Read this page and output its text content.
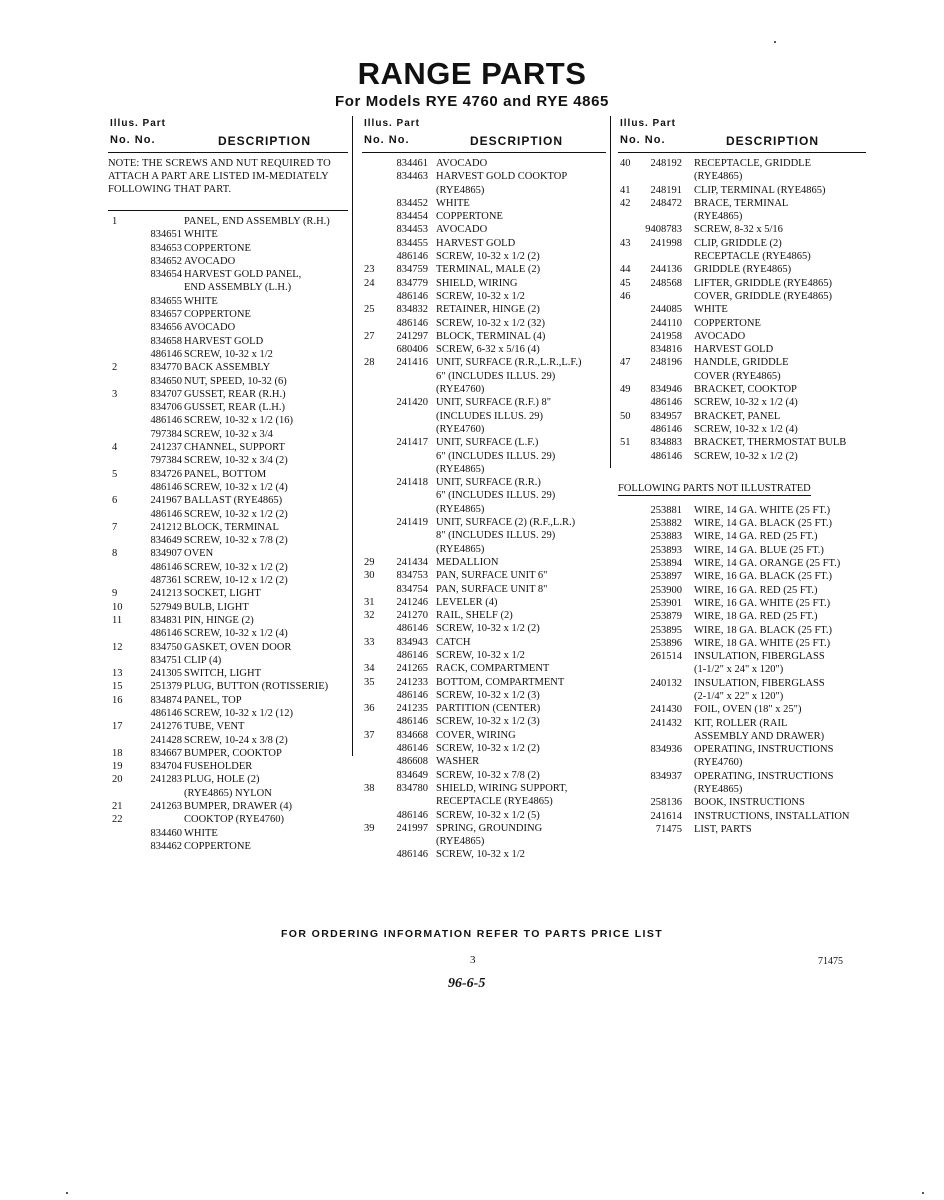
RANGE PARTS
For Models RYE 4760 and RYE 4865
Illus. Part
No. No.	DESCRIPTION
NOTE: THE SCREWS AND NUT REQUIRED TO ATTACH A PART ARE LISTED IM-MEDIATELY FOLLOWING THAT PART.
1	PANEL, END ASSEMBLY (R.H.)
834651 WHITE
834653 COPPERTONE
834652 AVOCADO
834654 HARVEST GOLD PANEL,
END ASSEMBLY (L.H.)
834655 WHITE
834657 COPPERTONE
834656 AVOCADO
834658 HARVEST GOLD
486146 SCREW, 10-32 x 1/2
2	834770 BACK ASSEMBLY
834650 NUT, SPEED, 10-32 (6)
3	834707 GUSSET, REAR (R.H.)
834706 GUSSET, REAR (L.H.)
486146 SCREW, 10-32 x 1/2 (16)
797384 SCREW, 10-32 x 3/4
4	241237 CHANNEL, SUPPORT
797384 SCREW, 10-32 x 3/4 (2)
5	834726 PANEL, BOTTOM
486146 SCREW, 10-32 x 1/2 (4)
6	241967 BALLAST (RYE4865)
486146 SCREW, 10-32 x 1/2 (2)
7	241212 BLOCK, TERMINAL
834649 SCREW, 10-32 x 7/8 (2)
8	834907 OVEN
486146 SCREW, 10-32 x 1/2 (2)
487361 SCREW, 10-12 x 1/2 (2)
9	241213 SOCKET, LIGHT
10	527949 BULB, LIGHT
11	834831 PIN, HINGE (2)
486146 SCREW, 10-32 x 1/2 (4)
12	834750 GASKET, OVEN DOOR
834751 CLIP (4)
13	241305 SWITCH, LIGHT
15	251379 PLUG, BUTTON (ROTISSERIE)
16	834874 PANEL, TOP
486146 SCREW, 10-32 x 1/2 (12)
17	241276 TUBE, VENT
241428 SCREW, 10-24 x 3/8 (2)
18	834667 BUMPER, COOKTOP
19	834704 FUSEHOLDER
20	241283 PLUG, HOLE (2)
(RYE4865) NYLON
21	241263 BUMPER, DRAWER (4)
22	COOKTOP (RYE4760)
834460 WHITE
834462 COPPERTONE
Illus. Part
No. No.	DESCRIPTION
834461 AVOCADO
834463 HARVEST GOLD COOKTOP
(RYE4865)
834452 WHITE
834454 COPPERTONE
834453 AVOCADO
834455 HARVEST GOLD
486146 SCREW, 10-32 x 1/2 (2)
23	834759 TERMINAL, MALE (2)
24	834779 SHIELD, WIRING
486146 SCREW, 10-32 x 1/2
25	834832 RETAINER, HINGE (2)
486146 SCREW, 10-32 x 1/2 (32)
27	241297 BLOCK, TERMINAL (4)
680406 SCREW, 6-32 x 5/16 (4)
28	241416 UNIT, SURFACE (R.R.,L.R.,L.F.)
6" (INCLUDES ILLUS. 29)
(RYE4760)
241420 UNIT, SURFACE (R.F.) 8"
(INCLUDES ILLUS. 29)
(RYE4760)
241417 UNIT, SURFACE (L.F.)
6" (INCLUDES ILLUS. 29)
(RYE4865)
241418 UNIT, SURFACE (R.R.)
6" (INCLUDES ILLUS. 29)
(RYE4865)
241419 UNIT, SURFACE (2) (R.F.,L.R.)
8" (INCLUDES ILLUS. 29)
(RYE4865)
29	241434 MEDALLION
30	834753 PAN, SURFACE UNIT 6"
834754 PAN, SURFACE UNIT 8"
31	241246 LEVELER (4)
32	241270 RAIL, SHELF (2)
486146 SCREW, 10-32 x 1/2 (2)
33	834943 CATCH
486146 SCREW, 10-32 x 1/2
34	241265 RACK, COMPARTMENT
35	241233 BOTTOM, COMPARTMENT
486146 SCREW, 10-32 x 1/2 (3)
36	241235 PARTITION (CENTER)
486146 SCREW, 10-32 x 1/2 (3)
37	834668 COVER, WIRING
486146 SCREW, 10-32 x 1/2 (2)
486608 WASHER
834649 SCREW, 10-32 x 7/8 (2)
38	834780 SHIELD, WIRING SUPPORT,
RECEPTACLE (RYE4865)
486146 SCREW, 10-32 x 1/2 (5)
39	241997 SPRING, GROUNDING
(RYE4865)
486146 SCREW, 10-32 x 1/2
Illus. Part
No. No.	DESCRIPTION
40	248192 RECEPTACLE, GRIDDLE
(RYE4865)
41	248191 CLIP, TERMINAL (RYE4865)
42	248472 BRACE, TERMINAL
(RYE4865)
9408783 SCREW, 8-32 x 5/16
43	241998 CLIP, GRIDDLE (2)
RECEPTACLE (RYE4865)
44	244136 GRIDDLE (RYE4865)
45	248568 LIFTER, GRIDDLE (RYE4865)
46	COVER, GRIDDLE (RYE4865)
244085 WHITE
244110 COPPERTONE
241958 AVOCADO
834816 HARVEST GOLD
47	248196 HANDLE, GRIDDLE
COVER (RYE4865)
49	834946 BRACKET, COOKTOP
486146 SCREW, 10-32 x 1/2 (4)
50	834957 BRACKET, PANEL
486146 SCREW, 10-32 x 1/2 (4)
51	834883 BRACKET, THERMOSTAT BULB
486146 SCREW, 10-32 x 1/2 (2)
FOLLOWING PARTS NOT ILLUSTRATED
253881 WIRE, 14 GA. WHITE (25 FT.)
253882 WIRE, 14 GA. BLACK (25 FT.)
253883 WIRE, 14 GA. RED (25 FT.)
253893 WIRE, 14 GA. BLUE (25 FT.)
253894 WIRE, 14 GA. ORANGE (25 FT.)
253897 WIRE, 16 GA. BLACK (25 FT.)
253900 WIRE, 16 GA. RED (25 FT.)
253901 WIRE, 16 GA. WHITE (25 FT.)
253879 WIRE, 18 GA. RED (25 FT.)
253895 WIRE, 18 GA. BLACK (25 FT.)
253896 WIRE, 18 GA. WHITE (25 FT.)
261514 INSULATION, FIBERGLASS
(1-1/2" x 24" x 120")
240132 INSULATION, FIBERGLASS
(2-1/4" x 22" x 120")
241430 FOIL, OVEN (18" x 25")
241432 KIT, ROLLER (RAIL
ASSEMBLY AND DRAWER)
834936 OPERATING, INSTRUCTIONS
(RYE4760)
834937 OPERATING, INSTRUCTIONS
(RYE4865)
258136 BOOK, INSTRUCTIONS
241614 INSTRUCTIONS, INSTALLATION
71475 LIST, PARTS
FOR ORDERING INFORMATION REFER TO PARTS PRICE LIST
3	71475
96-6-5
